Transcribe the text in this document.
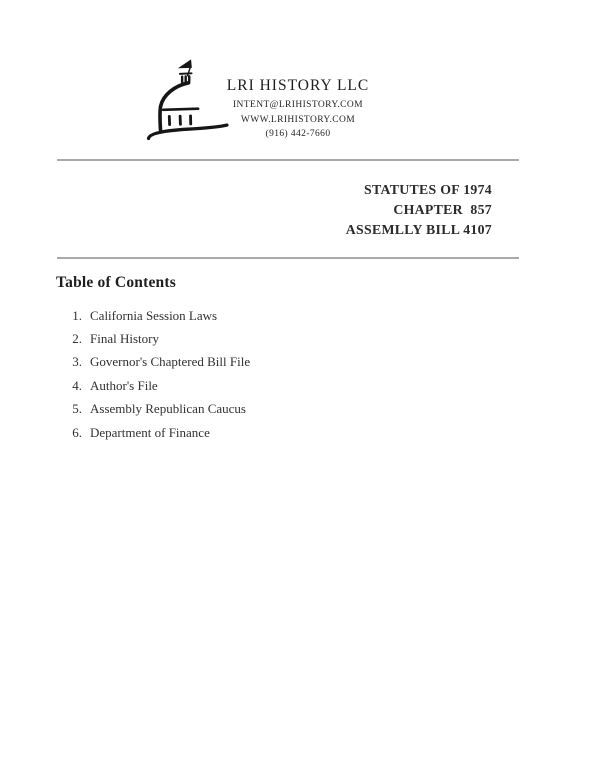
LRI HISTORY LLC
INTENT@LRIHISTORY.COM
WWW.LRIHISTORY.COM
(916) 442-7660
STATUTES OF 1974
CHAPTER  857
ASSEMLLY BILL 4107
Table of Contents
1. California Session Laws
2. Final History
3. Governor's Chaptered Bill File
4. Author's File
5. Assembly Republican Caucus
6. Department of Finance
